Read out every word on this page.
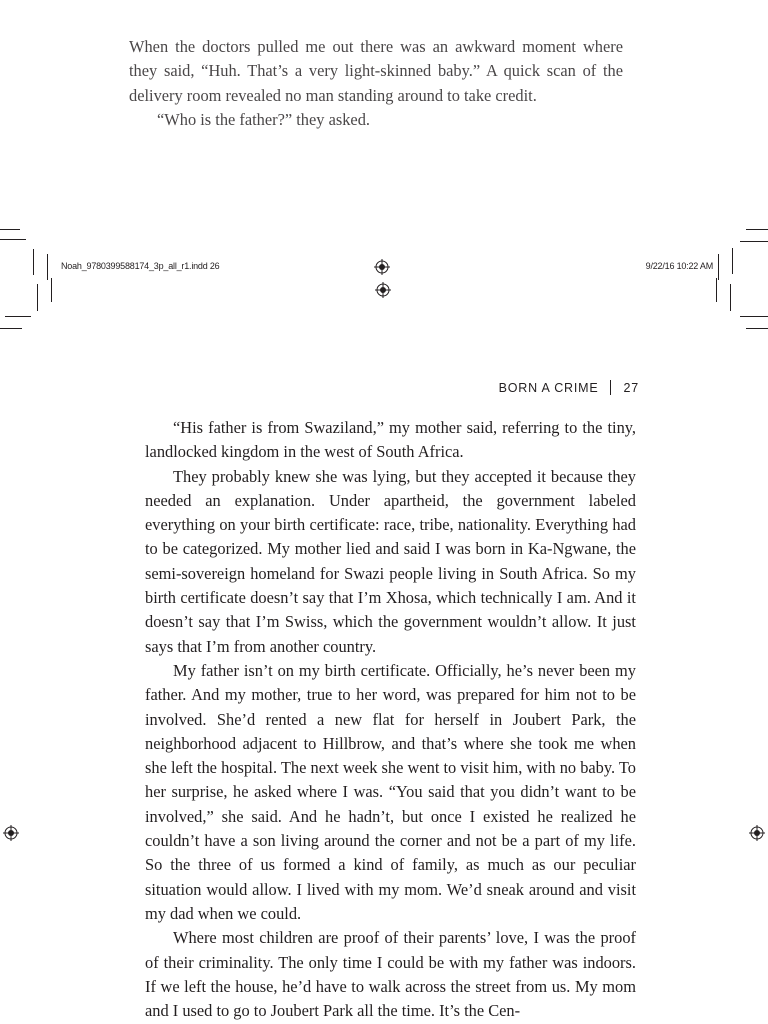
When the doctors pulled me out there was an awkward moment where they said, “Huh. That’s a very light-skinned baby.” A quick scan of the delivery room revealed no man standing around to take credit.

“Who is the father?” they asked.

Noah_9780399588174_3p_all_r1.indd 26	9/22/16 10:22 AM
BORN A CRIME 27

“His father is from Swaziland,” my mother said, referring to the tiny, landlocked kingdom in the west of South Africa.

They probably knew she was lying, but they accepted it because they needed an explanation. Under apartheid, the government labeled everything on your birth certificate: race, tribe, nationality. Everything had to be categorized. My mother lied and said I was born in Ka-Ngwane, the semi-sovereign homeland for Swazi people living in South Africa. So my birth certificate doesn’t say that I’m Xhosa, which technically I am. And it doesn’t say that I’m Swiss, which the government wouldn’t allow. It just says that I’m from another country.

My father isn’t on my birth certificate. Officially, he’s never been my father. And my mother, true to her word, was prepared for him not to be involved. She’d rented a new flat for herself in Joubert Park, the neighborhood adjacent to Hillbrow, and that’s where she took me when she left the hospital. The next week she went to visit him, with no baby. To her surprise, he asked where I was. “You said that you didn’t want to be involved,” she said. And he hadn’t, but once I existed he realized he couldn’t have a son living around the corner and not be a part of my life. So the three of us formed a kind of family, as much as our peculiar situation would allow. I lived with my mom. We’d sneak around and visit my dad when we could.

Where most children are proof of their parents’ love, I was the proof of their criminality. The only time I could be with my father was indoors. If we left the house, he’d have to walk across the street from us. My mom and I used to go to Joubert Park all the time. It’s the Cen-
